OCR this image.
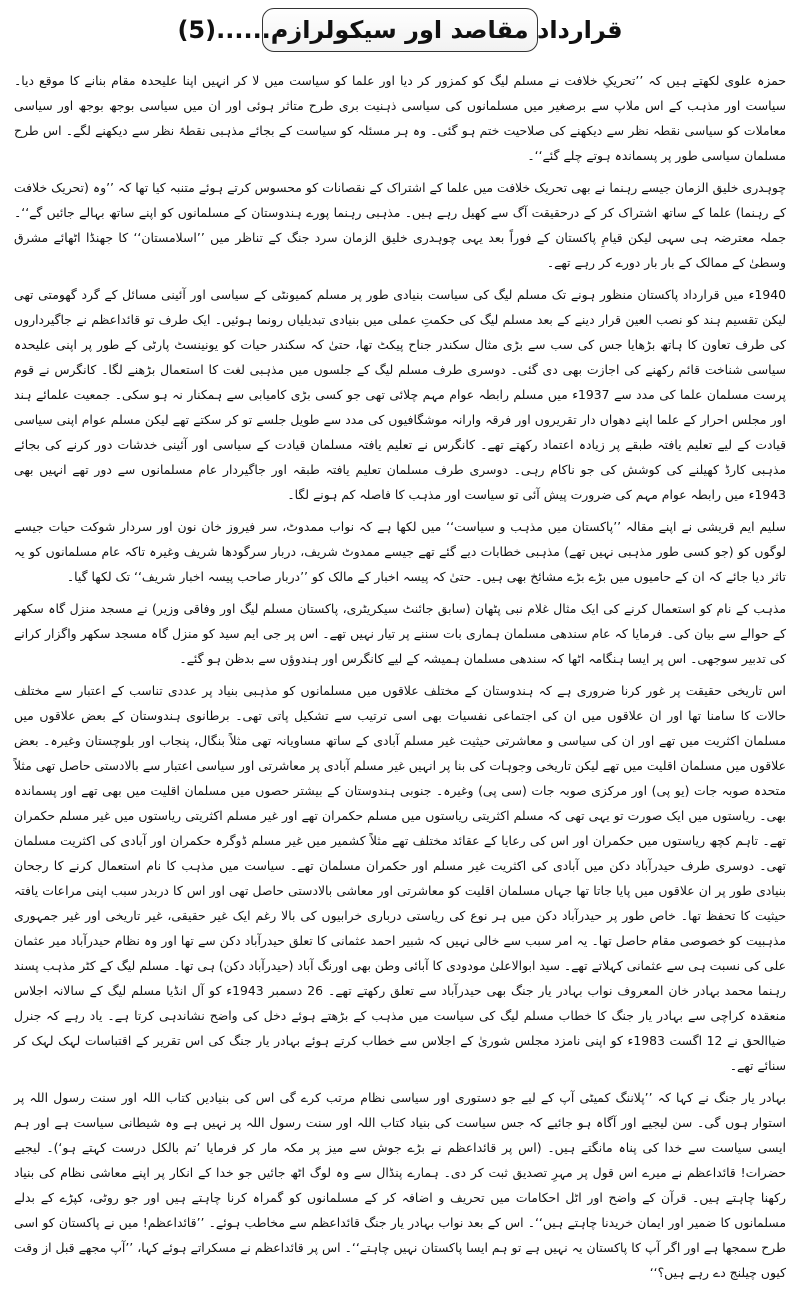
قرارداد مقاصد اور سیکولرازم......(5)

حمزہ علوی لکھتے ہیں کہ ’’تحریکِ خلافت نے مسلم لیگ کو کمزور کر دیا اور علما کو سیاست میں لا کر انہیں اپنا علیحدہ مقام بنانے کا موقع دیا۔ سیاست اور مذہب کے اس ملاپ سے برصغیر میں مسلمانوں کی سیاسی ذہنیت بری طرح متاثر ہوئی اور ان میں سیاسی بوجھ بوجھ اور سیاسی معاملات کو سیاسی نقطہ نظر سے دیکھنے کی صلاحیت ختم ہو گئی۔ وہ ہر مسئلہ کو سیاست کے بجائے مذہبی نقطۂ نظر سے دیکھنے لگے۔ اس طرح مسلمان سیاسی طور پر پسماندہ ہوتے چلے گئے‘‘۔

چوہدری خلیق الزمان جیسے رہنما نے بھی تحریک خلافت میں علما کے اشتراک کے نقصانات کو محسوس کرتے ہوئے متنبہ کیا تھا کہ ’’وہ (تحریک خلافت کے رہنما) علما کے ساتھ اشتراک کر کے درحقیقت آگ سے کھیل رہے ہیں۔ مذہبی رہنما پورے ہندوستان کے مسلمانوں کو اپنے ساتھ بہالے جائیں گے‘‘۔ جملہ معترضہ ہی سہی لیکن قیامِ پاکستان کے فوراً بعد یہی چوہدری خلیق الزمان سرد جنگ کے تناظر میں ’’اسلامستان‘‘ کا جھنڈا اٹھائے مشرق وسطیٰ کے ممالک کے بار بار دورے کر رہے تھے۔

1940ء میں قرارداد پاکستان منظور ہونے تک مسلم لیگ کی سیاست بنیادی طور پر مسلم کمیونٹی کے سیاسی اور آئینی مسائل کے گرد گھومتی تھی لیکن تقسیم ہند کو نصب العین قرار دینے کے بعد مسلم لیگ کی حکمتِ عملی میں بنیادی تبدیلیاں رونما ہوئیں۔ ایک طرف تو قائداعظم نے جاگیرداروں کی طرف تعاون کا ہاتھ بڑھایا جس کی سب سے بڑی مثال سکندر جناح پیکٹ تھا، حتیٰ کہ سکندر حیات کو یونینسٹ پارٹی کے طور پر اپنی علیحدہ سیاسی شناخت قائم رکھنے کی اجازت بھی دی گئی۔ دوسری طرف مسلم لیگ کے جلسوں میں مذہبی لغت کا استعمال بڑھنے لگا۔ کانگرس نے قوم پرست مسلمان علما کی مدد سے 1937ء میں مسلم رابطہ عوام مہم چلائی تھی جو کسی بڑی کامیابی سے ہمکنار نہ ہو سکی۔ جمعیت علمائے ہند اور مجلس احرار کے علما اپنے دھواں دار تقریروں اور فرقہ وارانہ موشگافیوں کی مدد سے طویل جلسے تو کر سکتے تھے لیکن مسلم عوام اپنی سیاسی قیادت کے لیے تعلیم یافتہ طبقے پر زیادہ اعتماد رکھتے تھے۔ کانگرس نے تعلیم یافتہ مسلمان قیادت کے سیاسی اور آئینی خدشات دور کرنے کی بجائے مذہبی کارڈ کھیلنے کی کوشش کی جو ناکام رہی۔ دوسری طرف مسلمان تعلیم یافتہ طبقہ اور جاگیردار عام مسلمانوں سے دور تھے انہیں بھی 1943ء میں رابطہ عوام مہم کی ضرورت پیش آئی تو سیاست اور مذہب کا فاصلہ کم ہونے لگا۔

سلیم ایم قریشی نے اپنے مقالہ ’’پاکستان میں مذہب و سیاست‘‘ میں لکھا ہے کہ نواب ممدوٹ، سر فیروز خان نون اور سردار شوکت حیات جیسے لوگوں کو (جو کسی طور مذہبی نہیں تھے) مذہبی خطابات دیے گئے تھے جیسے ممدوٹ شریف، دربار سرگودھا شریف وغیرہ تاکہ عام مسلمانوں کو یہ تاثر دیا جائے کہ ان کے حامیوں میں بڑے بڑے مشائخ بھی ہیں۔ حتیٰ کہ پیسہ اخبار کے مالک کو ’’دربار صاحب پیسہ اخبار شریف‘‘ تک لکھا گیا۔

مذہب کے نام کو استعمال کرنے کی ایک مثال غلام نبی پٹھان (سابق جائنٹ سیکریٹری، پاکستان مسلم لیگ اور وفاقی وزیر) نے مسجد منزل گاہ سکھر کے حوالے سے بیان کی۔ فرمایا کہ عام سندھی مسلمان ہماری بات سننے پر تیار نہیں تھے۔ اس پر جی ایم سید کو منزل گاہ مسجد سکھر واگزار کرانے کی تدبیر سوجھی۔ اس پر ایسا ہنگامہ اٹھا کہ سندھی مسلمان ہمیشہ کے لیے کانگرس اور ہندوؤں سے بدظن ہو گئے۔

اس تاریخی حقیقت پر غور کرنا ضروری ہے کہ ہندوستان کے مختلف علاقوں میں مسلمانوں کو مذہبی بنیاد پر عددی تناسب کے اعتبار سے مختلف حالات کا سامنا تھا اور ان علاقوں میں ان کی اجتماعی نفسیات بھی اسی ترتیب سے تشکیل پاتی تھی۔ برطانوی ہندوستان کے بعض علاقوں میں مسلمان اکثریت میں تھے اور ان کی سیاسی و معاشرتی حیثیت غیر مسلم آبادی کے ساتھ مساویانہ تھی مثلاً بنگال، پنجاب اور بلوچستان وغیرہ۔ بعض علاقوں میں مسلمان اقلیت میں تھے لیکن تاریخی وجوہات کی بنا پر انہیں غیر مسلم آبادی پر معاشرتی اور سیاسی اعتبار سے بالادستی حاصل تھی مثلاً متحدہ صوبہ جات (یو پی) اور مرکزی صوبہ جات (سی پی) وغیرہ۔ جنوبی ہندوستان کے بیشتر حصوں میں مسلمان اقلیت میں بھی تھے اور پسماندہ بھی۔ ریاستوں میں ایک صورت تو یہی تھی کہ مسلم اکثریتی ریاستوں میں مسلم حکمران تھے اور غیر مسلم اکثریتی ریاستوں میں غیر مسلم حکمران تھے۔ تاہم کچھ ریاستوں میں حکمران اور اس کی رعایا کے عقائد مختلف تھے مثلاً کشمیر میں غیر مسلم ڈوگرہ حکمران اور آبادی کی اکثریت مسلمان تھی۔ دوسری طرف حیدرآباد دکن میں آبادی کی اکثریت غیر مسلم اور حکمران مسلمان تھے۔ سیاست میں مذہب کا نام استعمال کرنے کا رجحان بنیادی طور پر ان علاقوں میں پایا جاتا تھا جہاں مسلمان اقلیت کو معاشرتی اور معاشی بالادستی حاصل تھی اور اس کا دربدر سبب اپنی مراعات یافتہ حیثیت کا تحفظ تھا۔ خاص طور پر حیدرآباد دکن میں ہر نوع کی ریاستی درباری خرابیوں کی بالا رغم ایک غیر حقیقی، غیر تاریخی اور غیر جمہوری مذہبیت کو خصوصی مقام حاصل تھا۔ یہ امر سبب سے خالی نہیں کہ شبیر احمد عثمانی کا تعلق حیدرآباد دکن سے تھا اور وہ نظام حیدرآباد میر عثمان علی کی نسبت ہی سے عثمانی کہلاتے تھے۔ سید ابوالاعلیٰ مودودی کا آبائی وطن بھی اورنگ آباد (حیدرآباد دکن) ہی تھا۔ مسلم لیگ کے کٹر مذہب پسند رہنما محمد بہادر خان المعروف نواب بہادر یار جنگ بھی حیدرآباد سے تعلق رکھتے تھے۔ 26 دسمبر 1943ء کو آل انڈیا مسلم لیگ کے سالانہ اجلاس منعقدہ کراچی سے بہادر یار جنگ کا خطاب مسلم لیگ کی سیاست میں مذہب کے بڑھتے ہوئے دخل کی واضح نشاندہی کرتا ہے۔ یاد رہے کہ جنرل ضیاالحق نے 12 اگست 1983ء کو اپنی نامزد مجلس شوریٰ کے اجلاس سے خطاب کرتے ہوئے بہادر یار جنگ کی اس تقریر کے اقتباسات لہک لہک کر سنائے تھے۔

بہادر یار جنگ نے کہا کہ ’’پلاننگ کمیٹی آپ کے لیے جو دستوری اور سیاسی نظام مرتب کرے گی اس کی بنیادیں کتاب اللہ اور سنت رسول اللہ پر استوار ہوں گی۔ سن لیجیے اور آگاہ ہو جائیے کہ جس سیاست کی بنیاد کتاب اللہ اور سنت رسول اللہ پر نہیں ہے وہ شیطانی سیاست ہے اور ہم ایسی سیاست سے خدا کی پناہ مانگتے ہیں۔ (اس پر قائداعظم نے بڑے جوش سے میز پر مکہ مار کر فرمایا ’تم بالکل درست کہتے ہو‘)۔ لیجیے حضرات! قائداعظم نے میرے اس قول پر مہرِ تصدیق ثبت کر دی۔ ہمارے پنڈال سے وہ لوگ اٹھ جائیں جو خدا کے انکار پر اپنے معاشی نظام کی بنیاد رکھنا چاہتے ہیں۔ قرآن کے واضح اور اٹل احکامات میں تحریف و اضافہ کر کے مسلمانوں کو گمراہ کرنا چاہتے ہیں اور جو روٹی، کپڑے کے بدلے مسلمانوں کا ضمیر اور ایمان خریدنا چاہتے ہیں‘‘۔ اس کے بعد نواب بہادر یار جنگ قائداعظم سے مخاطب ہوئے۔ ’’قائداعظم! میں نے پاکستان کو اسی طرح سمجھا ہے اور اگر آپ کا پاکستان یہ نہیں ہے تو ہم ایسا پاکستان نہیں چاہتے‘‘۔ اس پر قائداعظم نے مسکراتے ہوئے کہا، ’’آپ مجھے قبل از وقت کیوں چیلنج دے رہے ہیں؟‘‘
